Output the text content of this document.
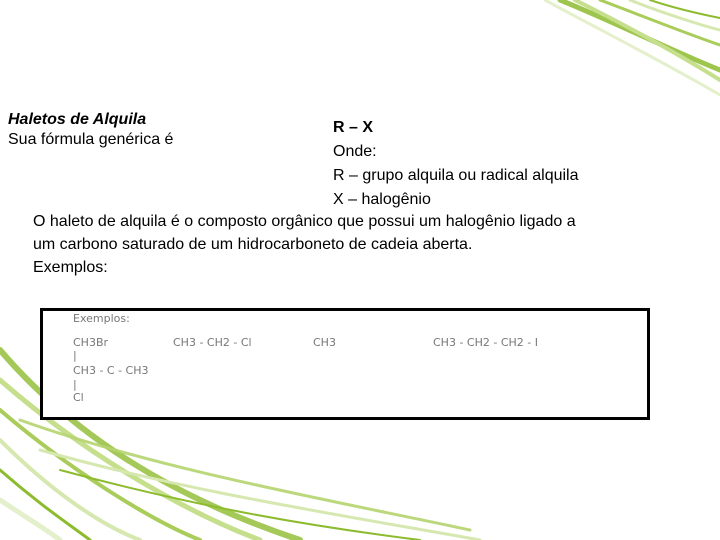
Haletos de Alquila
Sua fórmula genérica é
R – X
Onde:
R – grupo alquila ou radical alquila
X – halogênio
O haleto de alquila é o composto orgânico que possui um halogênio ligado a
um carbono saturado de um hidrocarboneto de cadeia aberta.
Exemplos:
Exemplos:
CH3Br
|
CH3 - C - CH3
|
Cl
CH3 - CH2 - Cl	CH3	CH3 - CH2 - CH2 - I
